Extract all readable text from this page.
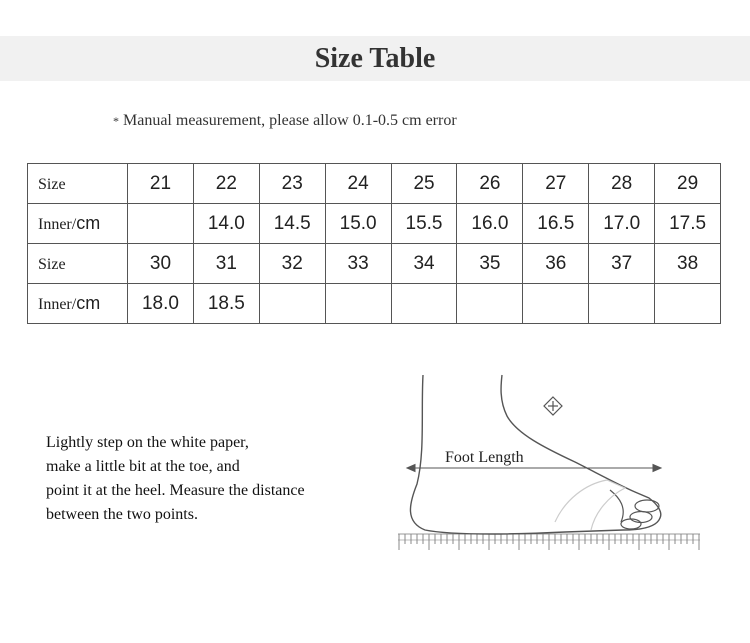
Size Table
* Manual measurement, please allow 0.1-0.5 cm error
Size	21	22	23	24	25	26	27	28	29
Inner/cm		14.0	14.5	15.0	15.5	16.0	16.5	17.0	17.5
Size	30	31	32	33	34	35	36	37	38
Inner/cm	18.0	18.5							
Lightly step on the white paper,
make a little bit at the toe, and
point it at the heel. Measure the distance
between the two points.
Foot Length
